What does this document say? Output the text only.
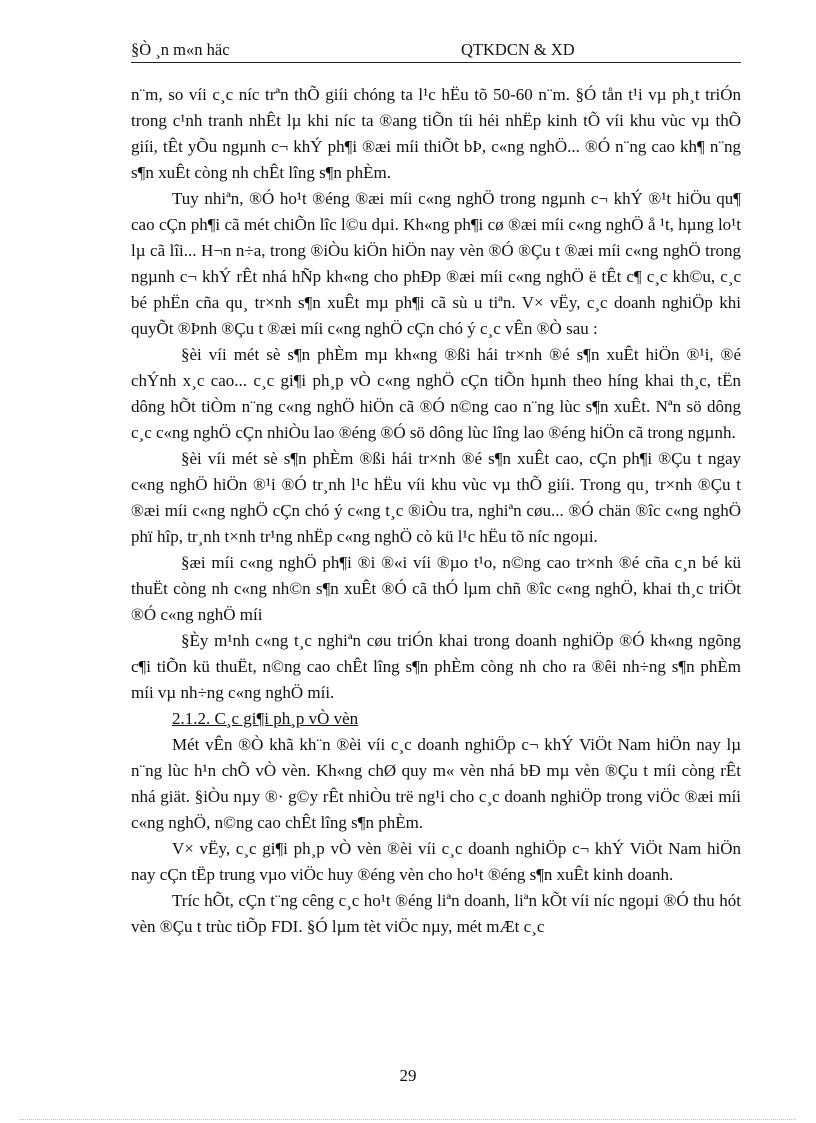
§Ò ¸n m«n häc	QTKDCN & XD

n¨m, so víi c¸c níc trªn thÕ giíi chóng ta l¹c hËu tõ 50-60 n¨m. §Ó tån t¹i vµ ph¸t triÓn trong c¹nh tranh nhÊt lµ khi níc ta ®ang tiÕn tíi héi nhËp kinh tÕ víi khu vùc vµ thÕ giíi, tÊt yÕu ngµnh c¬ khÝ ph¶i ®æi míi thiÕt bÞ, c«ng nghÖ... ®Ó n¨ng cao kh¶ n¨ng s¶n xuÊt còng nh chÊt lîng s¶n phÈm.

Tuy nhiªn, ®Ó ho¹t ®éng ®æi míi c«ng nghÖ trong ngµnh c¬ khÝ ®¹t hiÖu qu¶ cao cÇn ph¶i cã mét chiÕn lîc l©u dµi. Kh«ng ph¶i cø ®æi míi c«ng nghÖ å ¹t, hµng lo¹t lµ cã lîi... H¬n n÷a, trong ®iÒu kiÖn hiÖn nay vèn ®Ó ®Çu t ®æi míi c«ng nghÖ trong ngµnh c¬ khÝ rÊt nhá hÑp kh«ng cho phÐp ®æi míi c«ng nghÖ ë tÊt c¶ c¸c kh©u, c¸c bé phËn cña qu¸ tr×nh s¶n xuÊt mµ ph¶i cã sù u tiªn. V× vËy, c¸c doanh nghiÖp khi quyÕt ®Þnh ®Çu t ®æi míi c«ng nghÖ cÇn chó ý c¸c vÊn ®Ò sau :

§èi víi mét sè s¶n phÈm mµ kh«ng ®ßi hái tr×nh ®é s¶n xuÊt hiÖn ®¹i, ®é chÝnh x¸c cao... c¸c gi¶i ph¸p vÒ c«ng nghÖ cÇn tiÕn hµnh theo híng khai th¸c, tËn dông hÕt tiÒm n¨ng c«ng nghÖ hiÖn cã ®Ó n©ng cao n¨ng lùc s¶n xuÊt. Nªn sö dông c¸c c«ng nghÖ cÇn nhiÒu lao ®éng ®Ó sö dông lùc lîng lao ®éng hiÖn cã trong ngµnh.

§èi víi mét sè s¶n phÈm ®ßi hái tr×nh ®é s¶n xuÊt cao, cÇn ph¶i ®Çu t ngay c«ng nghÖ hiÖn ®¹i ®Ó tr¸nh l¹c hËu víi khu vùc vµ thÕ giíi. Trong qu¸ tr×nh ®Çu t ®æi míi c«ng nghÖ cÇn chó ý c«ng t¸c ®iÒu tra, nghiªn cøu... ®Ó chän ®îc c«ng nghÖ phï hîp, tr¸nh t×nh tr¹ng nhËp c«ng nghÖ cò kü l¹c hËu tõ níc ngoµi.

§æi míi c«ng nghÖ ph¶i ®i ®«i víi ®µo t¹o, n©ng cao tr×nh ®é cña c¸n bé kü thuËt còng nh c«ng nh©n s¶n xuÊt ®Ó cã thÓ lµm chñ ®îc c«ng nghÖ, khai th¸c triÖt ®Ó c«ng nghÖ míi

§Èy m¹nh c«ng t¸c nghiªn cøu triÓn khai trong doanh nghiÖp ®Ó kh«ng ngõng c¶i tiÕn kü thuËt, n©ng cao chÊt lîng s¶n phÈm còng nh cho ra ®êi nh÷ng s¶n phÈm míi vµ nh÷ng c«ng nghÖ míi.

2.1.2. C¸c gi¶i ph¸p vÒ vèn

Mét vÊn ®Ò khã kh¨n ®èi víi c¸c doanh nghiÖp c¬ khÝ ViÖt Nam hiÖn nay lµ n¨ng lùc h¹n chÕ vÒ vèn. Kh«ng chØ quy m« vèn nhá bÐ mµ vèn ®Çu t míi còng rÊt nhá giät. §iÒu nµy ®· g©y rÊt nhiÒu trë ng¹i cho c¸c doanh nghiÖp trong viÖc ®æi míi c«ng nghÖ, n©ng cao chÊt lîng s¶n phÈm.

V× vËy, c¸c gi¶i ph¸p vÒ vèn ®èi víi c¸c doanh nghiÖp c¬ khÝ ViÖt Nam hiÖn nay cÇn tËp trung vµo viÖc huy ®éng vèn cho ho¹t ®éng s¶n xuÊt kinh doanh.

Tríc hÕt, cÇn t¨ng cêng c¸c ho¹t ®éng liªn doanh, liªn kÕt víi níc ngoµi ®Ó thu hót vèn ®Çu t trùc tiÕp FDI. §Ó lµm tèt viÖc nµy, mét mÆt c¸c

29
